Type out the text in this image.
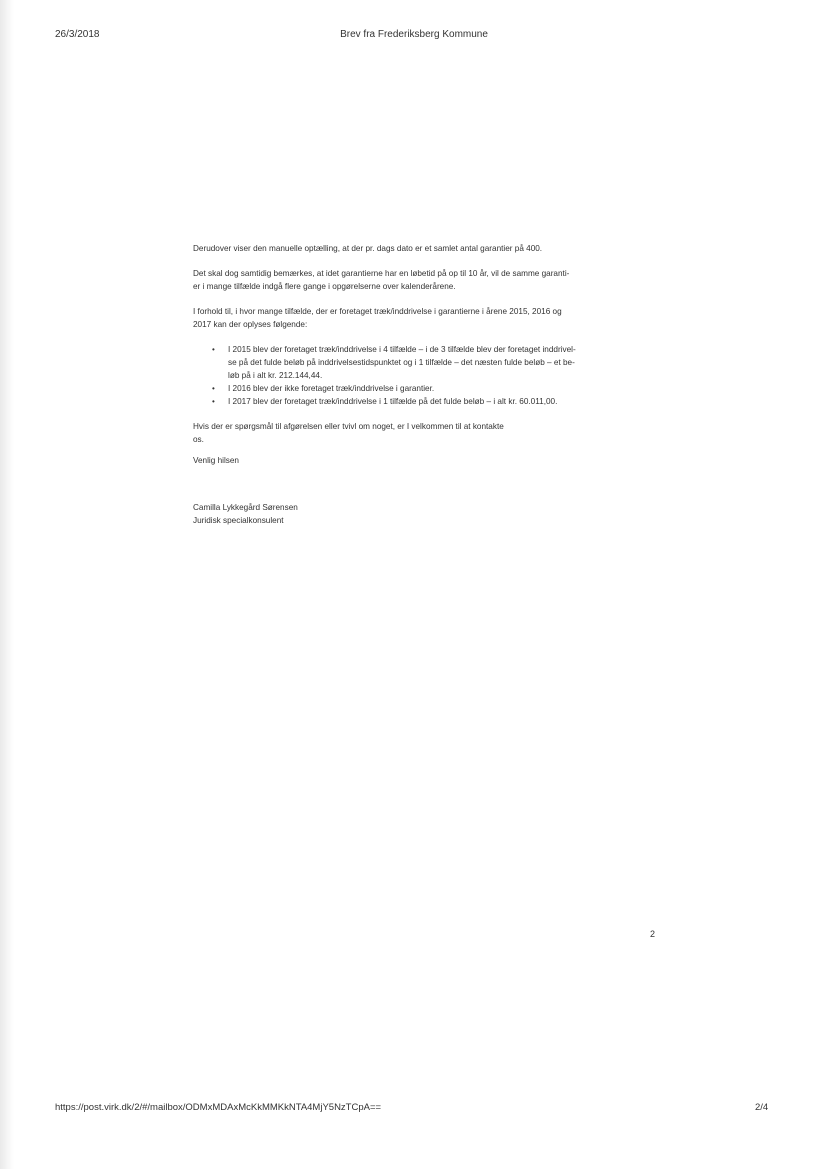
26/3/2018	Brev fra Frederiksberg Kommune

Derudover viser den manuelle optælling, at der pr. dags dato er et samlet antal garantier på 400.

Det skal dog samtidig bemærkes, at idet garantierne har en løbetid på op til 10 år, vil de samme garanti-
er i mange tilfælde indgå flere gange i opgørelserne over kalenderårene.

I forhold til, i hvor mange tilfælde, der er foretaget træk/inddrivelse i garantierne i årene 2015, 2016 og
2017 kan der oplyses følgende:

• I 2015 blev der foretaget træk/inddrivelse i 4 tilfælde – i de 3 tilfælde blev der foretaget inddrivel-
se på det fulde beløb på inddrivelsestidspunktet og i 1 tilfælde – det næsten fulde beløb – et be-
løb på i alt kr. 212.144,44.
• I 2016 blev der ikke foretaget træk/inddrivelse i garantier.
• I 2017 blev der foretaget træk/inddrivelse i 1 tilfælde på det fulde beløb – i alt kr. 60.011,00.

Hvis der er spørgsmål til afgørelsen eller tvivl om noget, er I velkommen til at kontakte
os.

Venlig hilsen

Camilla Lykkegård Sørensen

Juridisk specialkonsulent

2
https://post.virk.dk/2/#/mailbox/ODMxMDAxMcKkMMKkNTA4MjY5NzTCpA==	2/4
